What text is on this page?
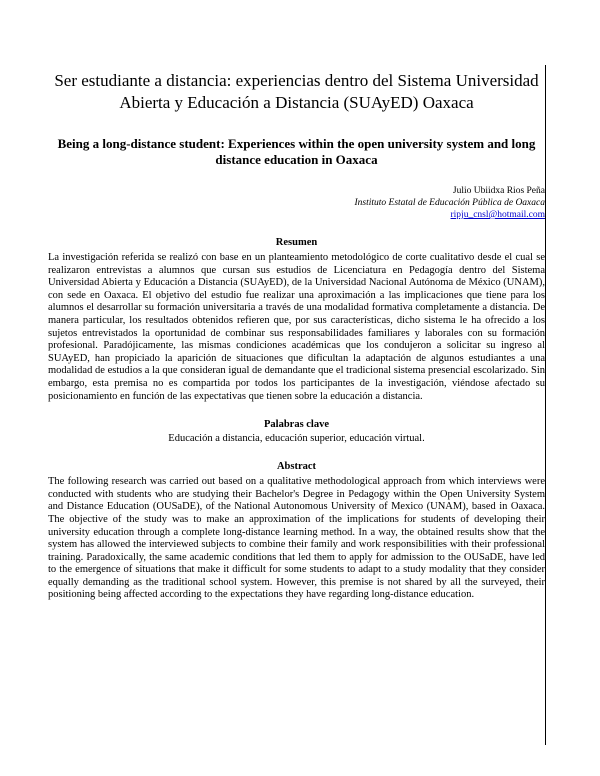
Ser estudiante a distancia: experiencias dentro del Sistema Universidad Abierta y Educación a Distancia (SUAyED) Oaxaca
Being a long-distance student: Experiences within the open university system and long distance education in Oaxaca
Julio Ubiidxa Rios Peña
Instituto Estatal de Educación Pública de Oaxaca
ripju_cnsl@hotmail.com
Resumen

La investigación referida se realizó con base en un planteamiento metodológico de corte cualitativo desde el cual se realizaron entrevistas a alumnos que cursan sus estudios de Licenciatura en Pedagogía dentro del Sistema Universidad Abierta y Educación a Distancia (SUAyED), de la Universidad Nacional Autónoma de México (UNAM), con sede en Oaxaca. El objetivo del estudio fue realizar una aproximación a las implicaciones que tiene para los alumnos el desarrollar su formación universitaria a través de una modalidad formativa completamente a distancia. De manera particular, los resultados obtenidos refieren que, por sus características, dicho sistema le ha ofrecido a los sujetos entrevistados la oportunidad de combinar sus responsabilidades familiares y laborales con su formación profesional. Paradójicamente, las mismas condiciones académicas que los condujeron a solicitar su ingreso al SUAyED, han propiciado la aparición de situaciones que dificultan la adaptación de algunos estudiantes a una modalidad de estudios a la que consideran igual de demandante que el tradicional sistema presencial escolarizado. Sin embargo, esta premisa no es compartida por todos los participantes de la investigación, viéndose afectado su posicionamiento en función de las expectativas que tienen sobre la educación a distancia.

Palabras clave
Educación a distancia, educación superior, educación virtual.
Abstract

The following research was carried out based on a qualitative methodological approach from which interviews were conducted with students who are studying their Bachelor's Degree in Pedagogy within the Open University System and Distance Education (OUSaDE), of the National Autonomous University of Mexico (UNAM), based in Oaxaca. The objective of the study was to make an approximation of the implications for students of developing their university education through a complete long-distance learning method. In a way, the obtained results show that the system has allowed the interviewed subjects to combine their family and work responsibilities with their professional training. Paradoxically, the same academic conditions that led them to apply for admission to the OUSaDE, have led to the emergence of situations that make it difficult for some students to adapt to a study modality that they consider equally demanding as the traditional school system. However, this premise is not shared by all the surveyed, their positioning being affected according to the expectations they have regarding long-distance education.
